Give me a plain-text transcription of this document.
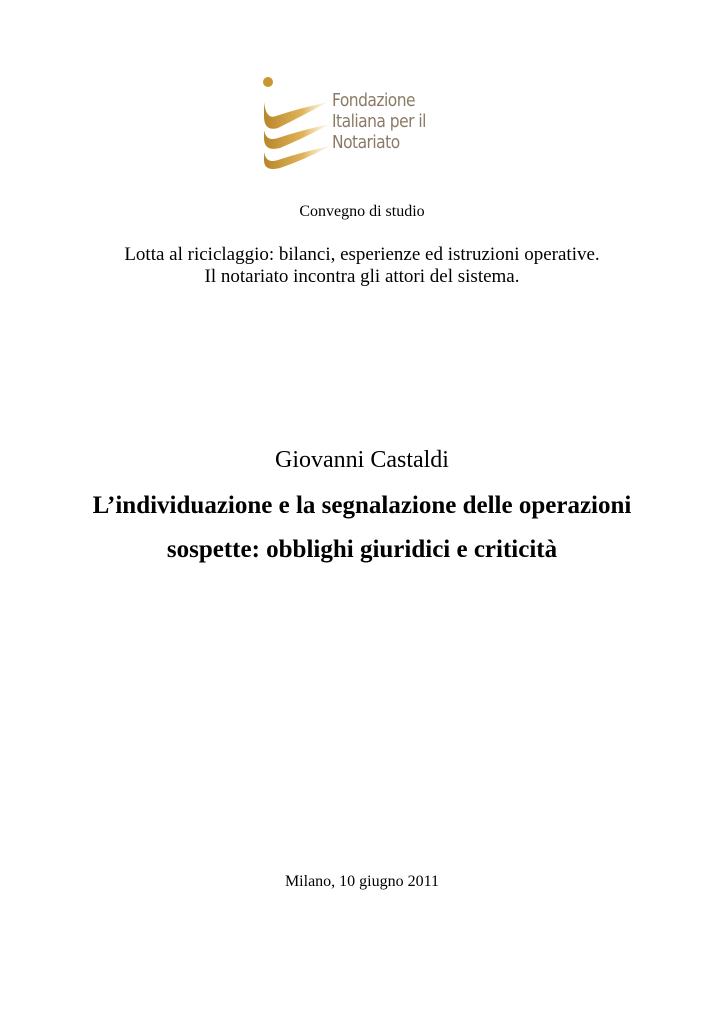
Fondazione
Italiana per il
Notariato
Convegno di studio
Lotta al riciclaggio: bilanci, esperienze ed istruzioni operative.
Il notariato incontra gli attori del sistema.
Giovanni Castaldi
L’individuazione e la segnalazione delle operazioni
sospette: obblighi giuridici e criticità
Milano, 10 giugno 2011
